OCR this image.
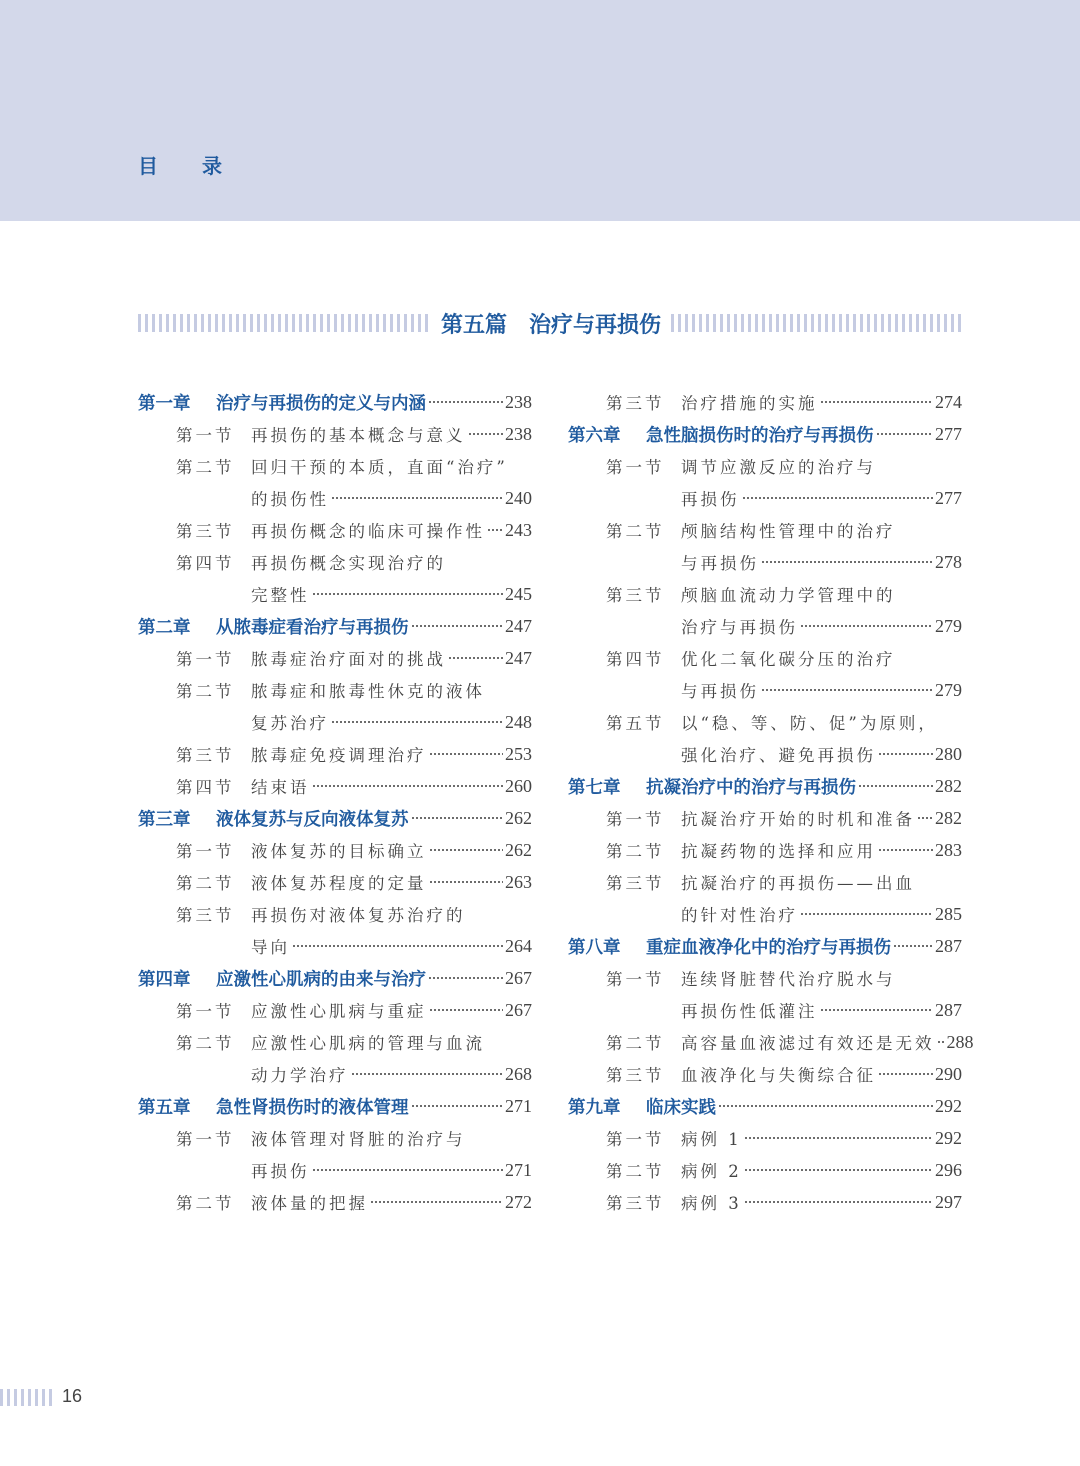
目录
第五篇 治疗与再损伤
第一章	治疗与再损伤的定义与内涵	238
第一节	再损伤的基本概念与意义 238
第二节	回归干预的本质，直面“治疗”
的损伤性	240
第三节	再损伤概念的临床可操作性 243
第四节	再损伤概念实现治疗的
完整性	245
第二章	从脓毒症看治疗与再损伤	247
第一节	脓毒症治疗面对的挑战	247
第二节	脓毒症和脓毒性休克的液体
复苏治疗	248
第三节	脓毒症免疫调理治疗	253
第四节	结束语	260
第三章	液体复苏与反向液体复苏	262
第一节	液体复苏的目标确立	262
第二节	液体复苏程度的定量	263
第三节	再损伤对液体复苏治疗的
导向	264
第四章	应激性心肌病的由来与治疗	267
第一节	应激性心肌病与重症	267
第二节	应激性心肌病的管理与血流
动力学治疗	268
第五章	急性肾损伤时的液体管理	271
第一节	液体管理对肾脏的治疗与
再损伤	271
第二节	液体量的把握	272
第三节	治疗措施的实施	274
第六章	急性脑损伤时的治疗与再损伤	277
第一节	调节应激反应的治疗与
再损伤	277
第二节	颅脑结构性管理中的治疗
与再损伤	278
第三节	颅脑血流动力学管理中的
治疗与再损伤	279
第四节	优化二氧化碳分压的治疗
与再损伤	279
第五节	以“稳、等、防、促”为原则，
强化治疗、避免再损伤	280
第七章	抗凝治疗中的治疗与再损伤	282
第一节	抗凝治疗开始的时机和准备 282
第二节	抗凝药物的选择和应用	283
第三节	抗凝治疗的再损伤——出血
的针对性治疗	285
第八章	重症血液净化中的治疗与再损伤 287
第一节	连续肾脏替代治疗脱水与
再损伤性低灌注	287
第二节	高容量血液滤过有效还是无效 288
第三节	血液净化与失衡综合征	290
第九章	临床实践	292
第一节	病例 1	292
第二节	病例 2	296
第三节	病例 3	297
16
